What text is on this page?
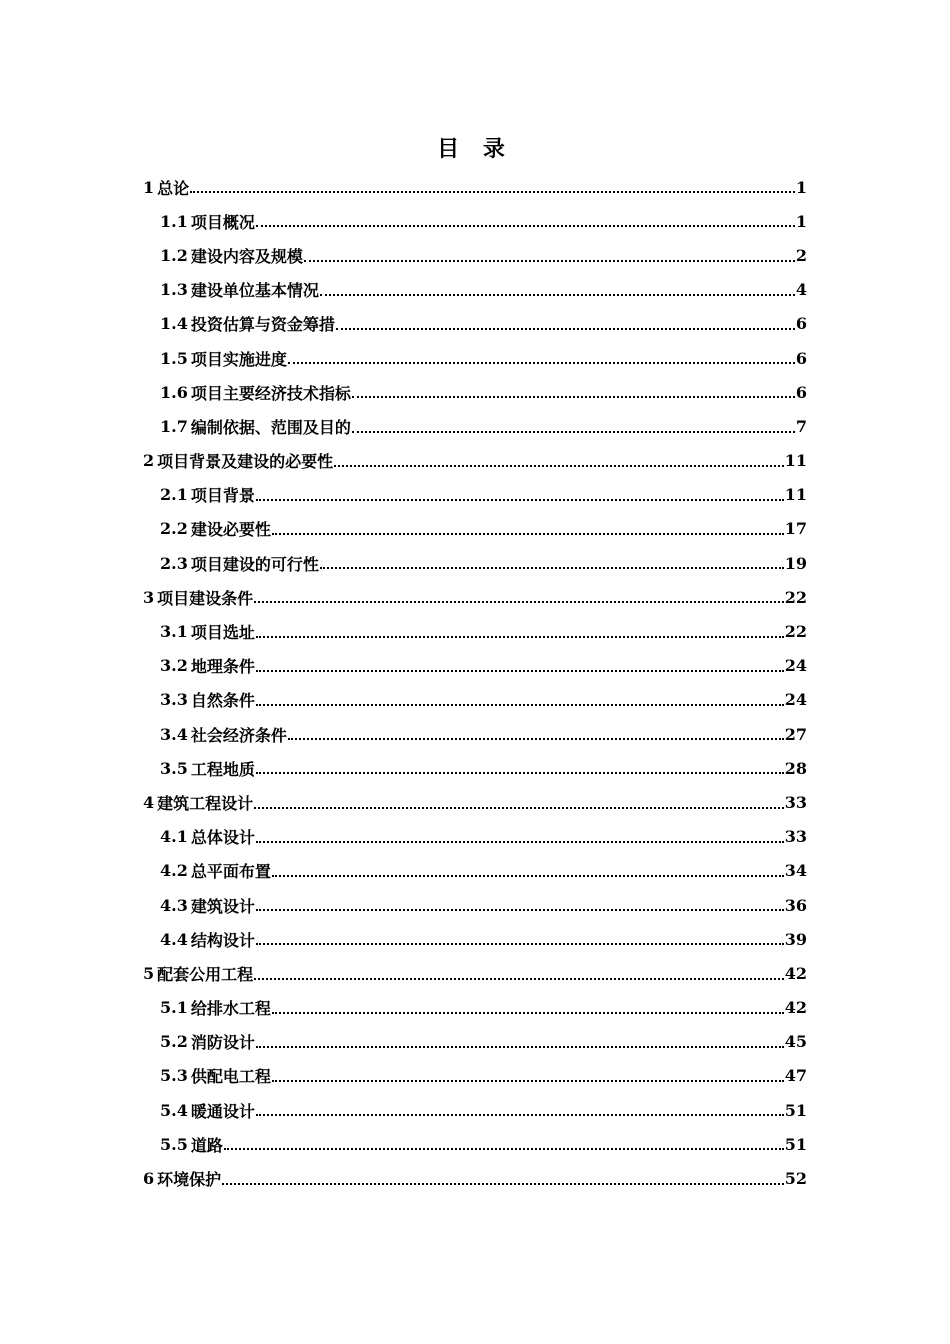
目 录
1 总论	1
1.1 项目概况	1
1.2 建设内容及规模	2
1.3 建设单位基本情况	4
1.4 投资估算与资金筹措	6
1.5 项目实施进度	6
1.6 项目主要经济技术指标	6
1.7 编制依据、范围及目的	7
2 项目背景及建设的必要性	11
2.1 项目背景	11
2.2 建设必要性	17
2.3 项目建设的可行性	19
3 项目建设条件	22
3.1 项目选址	22
3.2 地理条件	24
3.3 自然条件	24
3.4 社会经济条件	27
3.5 工程地质	28
4 建筑工程设计	33
4.1 总体设计	33
4.2 总平面布置	34
4.3 建筑设计	36
4.4 结构设计	39
5 配套公用工程	42
5.1 给排水工程	42
5.2 消防设计	45
5.3 供配电工程	47
5.4 暖通设计	51
5.5 道路	51
6 环境保护	52
